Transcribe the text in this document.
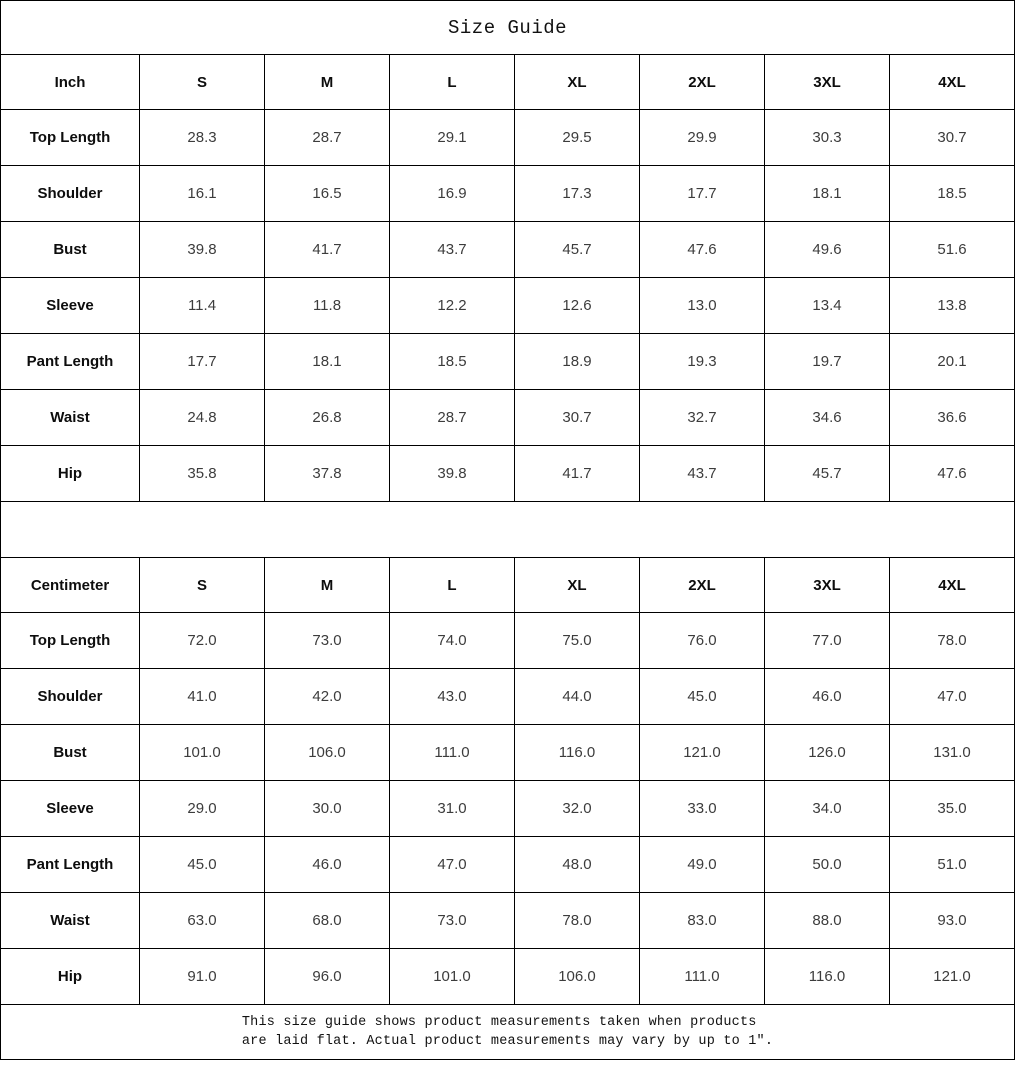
Size Guide							
Inch	S	M	L	XL	2XL	3XL	4XL
Top Length	28.3	28.7	29.1	29.5	29.9	30.3	30.7
Shoulder	16.1	16.5	16.9	17.3	17.7	18.1	18.5
Bust	39.8	41.7	43.7	45.7	47.6	49.6	51.6
Sleeve	11.4	11.8	12.2	12.6	13.0	13.4	13.8
Pant Length	17.7	18.1	18.5	18.9	19.3	19.7	20.1
Waist	24.8	26.8	28.7	30.7	32.7	34.6	36.6
Hip	35.8	37.8	39.8	41.7	43.7	45.7	47.6

Centimeter	S	M	L	XL	2XL	3XL	4XL
Top Length	72.0	73.0	74.0	75.0	76.0	77.0	78.0
Shoulder	41.0	42.0	43.0	44.0	45.0	46.0	47.0
Bust	101.0	106.0	111.0	116.0	121.0	126.0	131.0
Sleeve	29.0	30.0	31.0	32.0	33.0	34.0	35.0
Pant Length	45.0	46.0	47.0	48.0	49.0	50.0	51.0
Waist	63.0	68.0	73.0	78.0	83.0	88.0	93.0
Hip	91.0	96.0	101.0	106.0	111.0	116.0	121.0
This size guide shows product measurements taken when products
are laid flat. Actual product measurements may vary by up to 1″.							
